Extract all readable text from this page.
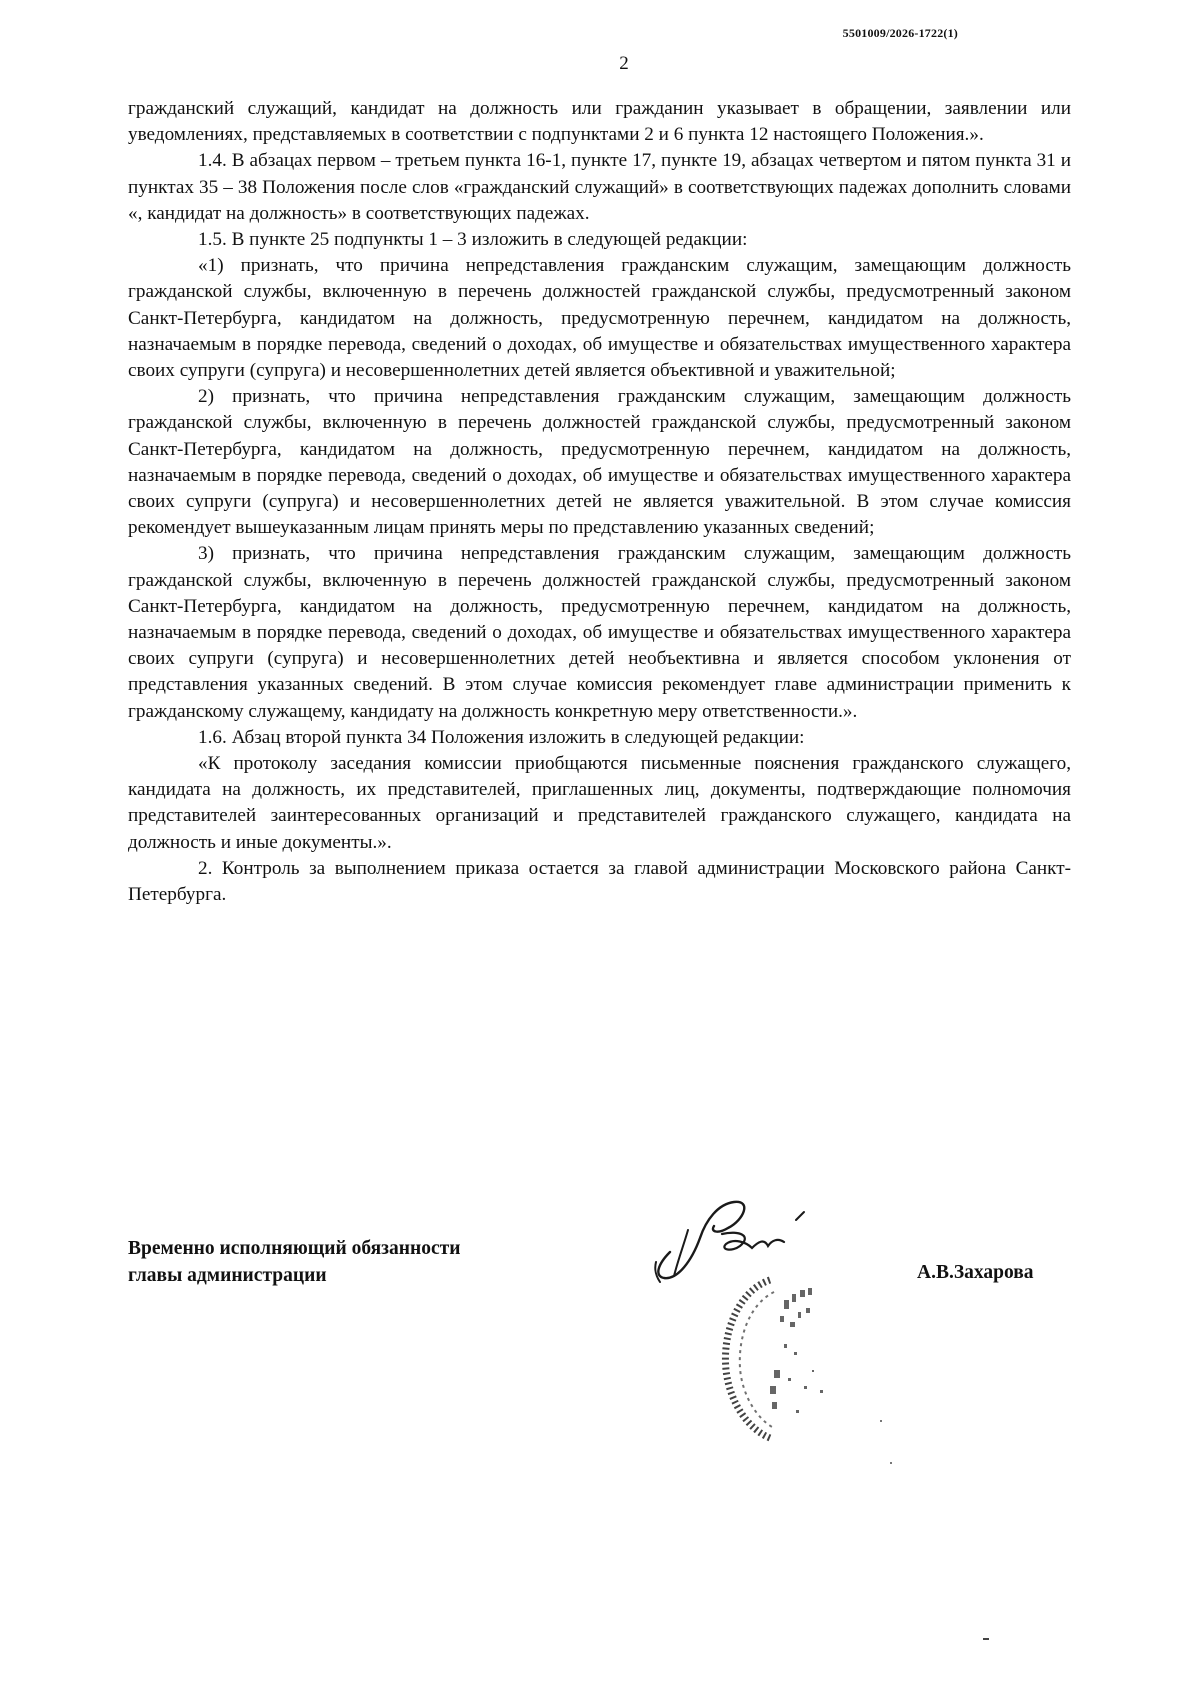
5501009/2026-1722(1)
2

гражданский служащий, кандидат на должность или гражданин указывает в обращении, заявлении или уведомлениях, представляемых в соответствии с подпунктами 2 и 6 пункта 12 настоящего Положения.».

1.4. В абзацах первом – третьем пункта 16-1, пункте 17, пункте 19, абзацах четвертом и пятом пункта 31 и пунктах 35 – 38 Положения после слов «гражданский служащий» в соответствующих падежах дополнить словами «, кандидат на должность» в соответствующих падежах.

1.5. В пункте 25 подпункты 1 – 3 изложить в следующей редакции:

«1) признать, что причина непредставления гражданским служащим, замещающим должность гражданской службы, включенную в перечень должностей гражданской службы, предусмотренный законом Санкт-Петербурга, кандидатом на должность, предусмотренную перечнем, кандидатом на должность, назначаемым в порядке перевода, сведений о доходах, об имуществе и обязательствах имущественного характера своих супруги (супруга) и несовершеннолетних детей является объективной и уважительной;

2) признать, что причина непредставления гражданским служащим, замещающим должность гражданской службы, включенную в перечень должностей гражданской службы, предусмотренный законом Санкт-Петербурга, кандидатом на должность, предусмотренную перечнем, кандидатом на должность, назначаемым в порядке перевода, сведений о доходах, об имуществе и обязательствах имущественного характера своих супруги (супруга) и несовершеннолетних детей не является уважительной. В этом случае комиссия рекомендует вышеуказанным лицам принять меры по представлению указанных сведений;

3) признать, что причина непредставления гражданским служащим, замещающим должность гражданской службы, включенную в перечень должностей гражданской службы, предусмотренный законом Санкт-Петербурга, кандидатом на должность, предусмотренную перечнем, кандидатом на должность, назначаемым в порядке перевода, сведений о доходах, об имуществе и обязательствах имущественного характера своих супруги (супруга) и несовершеннолетних детей необъективна и является способом уклонения от представления указанных сведений. В этом случае комиссия рекомендует главе администрации применить к гражданскому служащему, кандидату на должность конкретную меру ответственности.».

1.6. Абзац второй пункта 34 Положения изложить в следующей редакции:

«К протоколу заседания комиссии приобщаются письменные пояснения гражданского служащего, кандидата на должность, их представителей, приглашенных лиц, документы, подтверждающие полномочия представителей заинтересованных организаций и представителей гражданского служащего, кандидата на должность и иные документы.».

2. Контроль за выполнением приказа остается за главой администрации Московского района Санкт-Петербурга.

Временно исполняющий обязанности
главы администрации	А.В.Захарова
